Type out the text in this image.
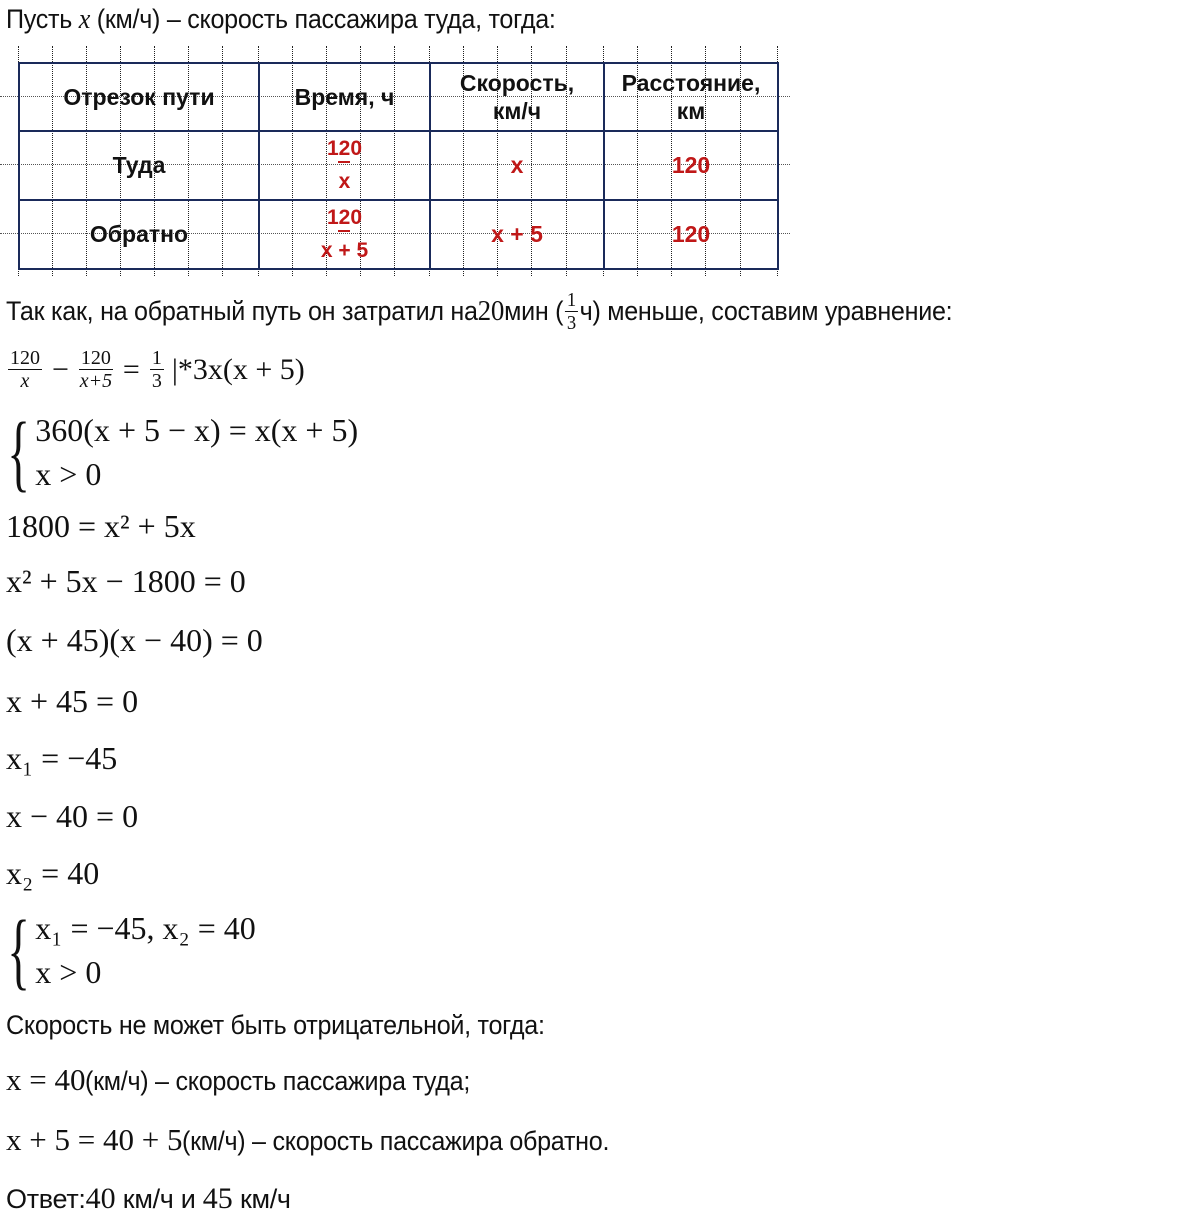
Пусть x (км/ч) – скорость пассажира туда, тогда:
Отрезок пути	Время, ч	Скорость, км/ч	Расстояние, км
Туда	$\frac{120}{x}$	x	120
Обратно	$\frac{120}{x + 5}$	x + 5	120
Так как, на обратный путь он затратил на 20 мин ( $\frac{1}{3} ч$) меньше, составим уравнение:
$\frac{120}{x} - \frac{120}{x+5} = \frac{1}{3} |*3x(x + 5)$
{ 360(x + 5 − x) = x(x + 5)
x > 0
1800 = x² + 5x
x² + 5x − 1800 = 0
(x + 45)(x − 40) = 0
x + 45 = 0
x₁ = −45
x − 40 = 0
x₂ = 40
{ x₁ = −45, x₂ = 40
x > 0
Скорость не может быть отрицательной, тогда:
x = 40 (км/ч) – скорость пассажира туда;
x + 5 = 40 + 5 (км/ч) – скорость пассажира обратно.
Ответ: 40 км/ч и 45 км/ч
